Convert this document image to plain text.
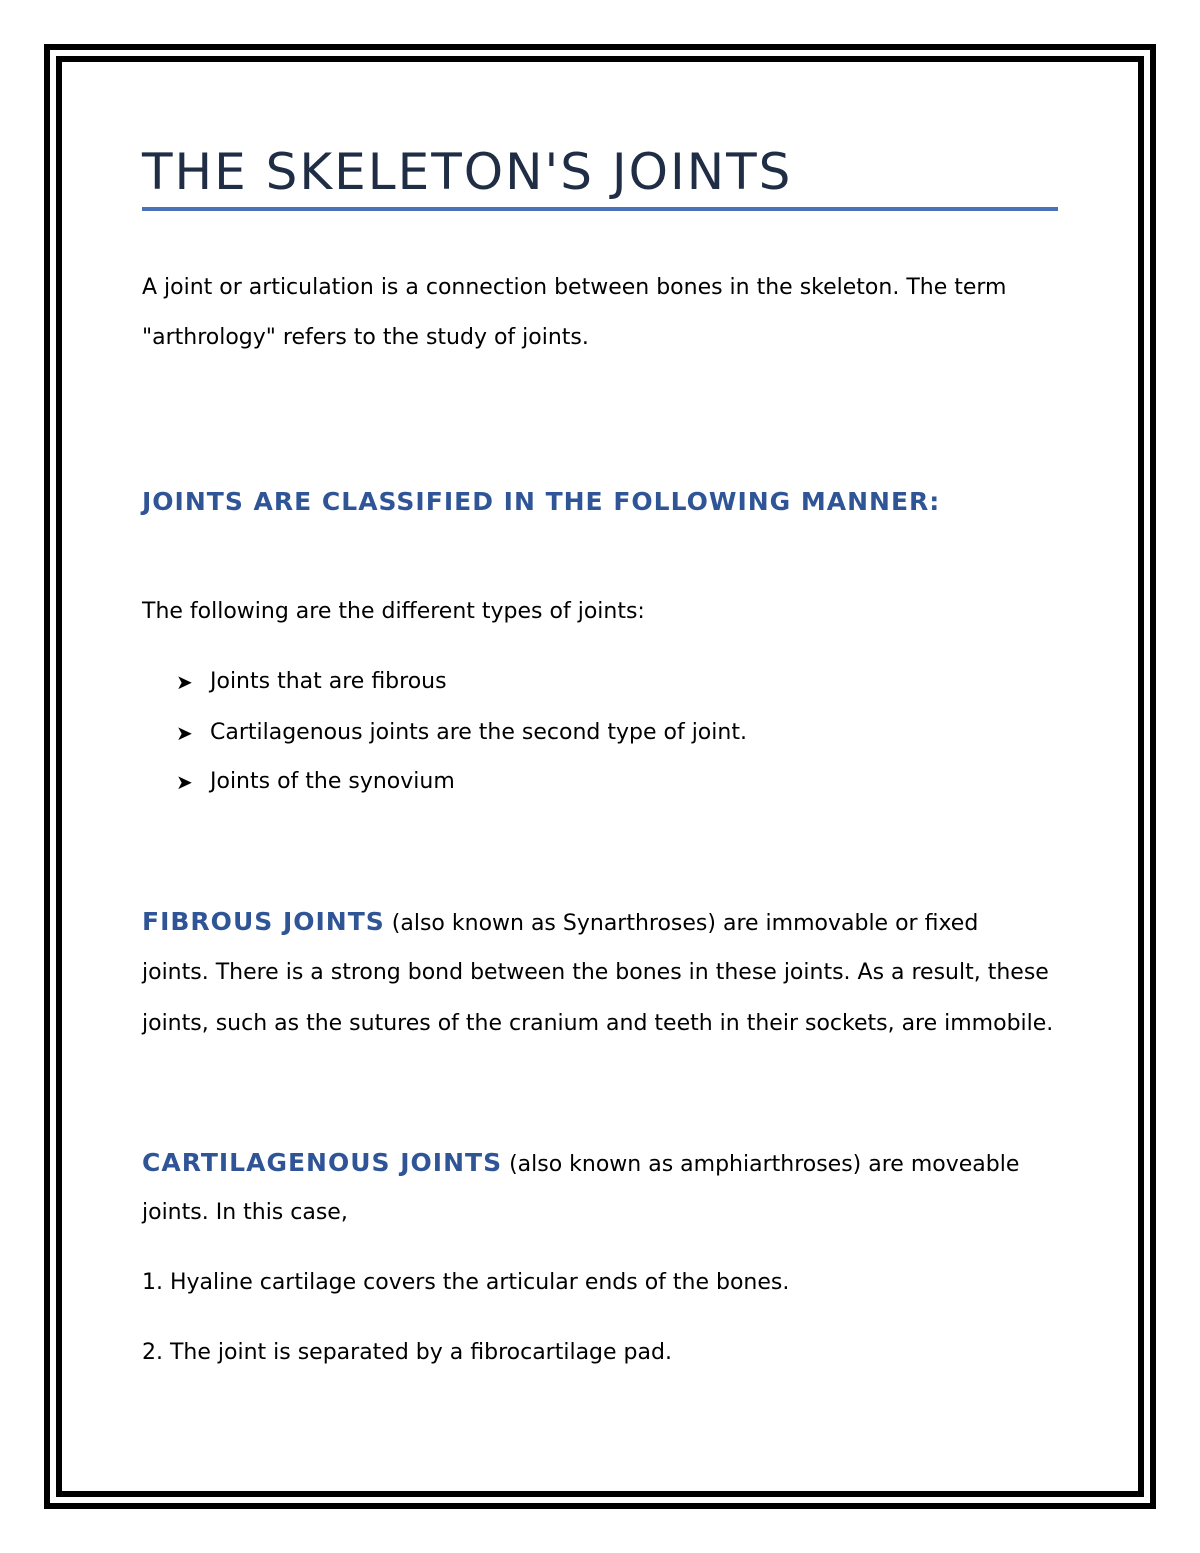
THE SKELETON'S JOINTS

A joint or articulation is a connection between bones in the skeleton. The term

"arthrology" refers to the study of joints.

JOINTS ARE CLASSIFIED IN THE FOLLOWING MANNER:

The following are the different types of joints:

➤ Joints that are fibrous
➤ Cartilagenous joints are the second type of joint.
➤ Joints of the synovium

FIBROUS JOINTS (also known as Synarthroses) are immovable or fixed

joints. There is a strong bond between the bones in these joints. As a result, these

joints, such as the sutures of the cranium and teeth in their sockets, are immobile.

CARTILAGENOUS JOINTS (also known as amphiarthroses) are moveable

joints. In this case,

1. Hyaline cartilage covers the articular ends of the bones.

2. The joint is separated by a fibrocartilage pad.
